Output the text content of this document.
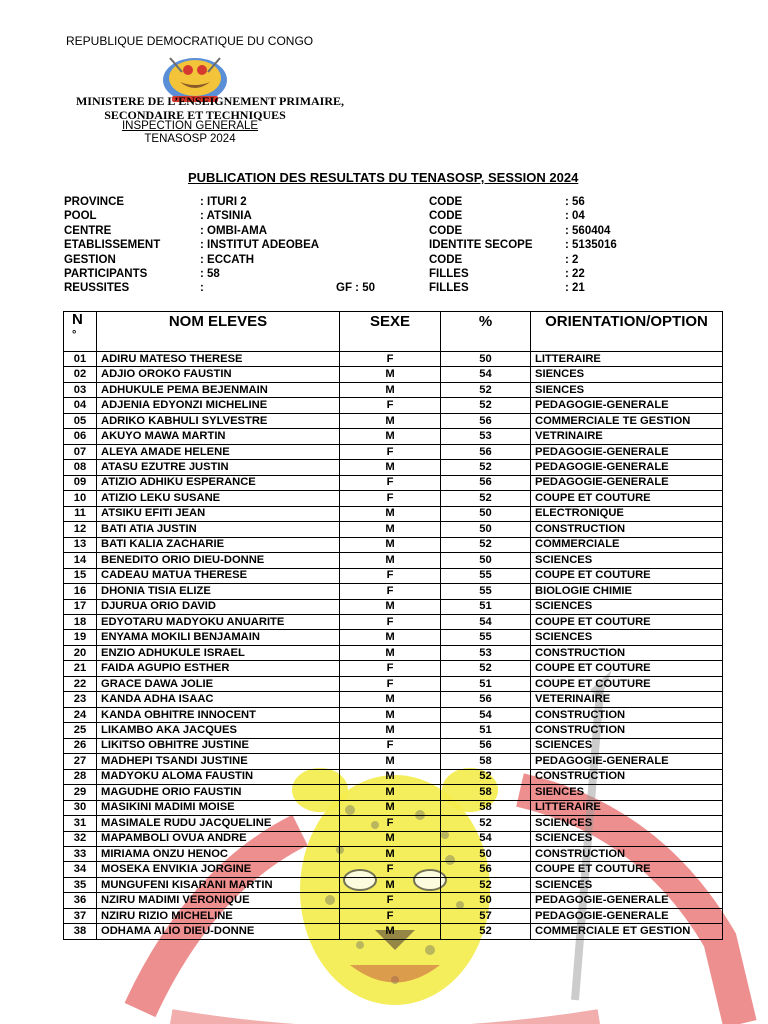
REPUBLIQUE DEMOCRATIQUE DU CONGO
MINISTERE DE L’ENSEIGNEMENT PRIMAIRE,
SECONDAIRE ET TECHNIQUES
INSPECTION GENERALE
TENASOSP 2024
PUBLICATION DES RESULTATS DU TENASOSP, SESSION 2024
PROVINCE	: ITURI 2	CODE	: 56
POOL	: ATSINIA	CODE	: 04
CENTRE	: OMBI-AMA	CODE	: 560404
ETABLISSEMENT	: INSTITUT ADEOBEA	IDENTITE SECOPE	: 5135016
GESTION	: ECCATH	CODE	: 2
PARTICIPANTS	: 58	FILLES	: 22
REUSSITES	:	GF : 50	FILLES	: 21
N
°	NOM ELEVES	SEXE	%	ORIENTATION/OPTION
01	ADIRU MATESO THERESE	F	50	LITTERAIRE
02	ADJIO OROKO FAUSTIN	M	54	SIENCES
03	ADHUKULE PEMA BEJENMAIN	M	52	SIENCES
04	ADJENIA EDYONZI MICHELINE	F	52	PEDAGOGIE-GENERALE
05	ADRIKO KABHULI SYLVESTRE	M	56	COMMERCIALE TE GESTION
06	AKUYO MAWA MARTIN	M	53	VETRINAIRE
07	ALEYA AMADE HELENE	F	56	PEDAGOGIE-GENERALE
08	ATASU EZUTRE JUSTIN	M	52	PEDAGOGIE-GENERALE
09	ATIZIO ADHIKU ESPERANCE	F	56	PEDAGOGIE-GENERALE
10	ATIZIO LEKU SUSANE	F	52	COUPE ET COUTURE
11	ATSIKU EFITI JEAN	M	50	ELECTRONIQUE
12	BATI ATIA JUSTIN	M	50	CONSTRUCTION
13	BATI KALIA ZACHARIE	M	52	COMMERCIALE
14	BENEDITO ORIO DIEU-DONNE	M	50	SCIENCES
15	CADEAU MATUA THERESE	F	55	COUPE ET COUTURE
16	DHONIA TISIA ELIZE	F	55	BIOLOGIE CHIMIE
17	DJURUA ORIO DAVID	M	51	SCIENCES
18	EDYOTARU MADYOKU ANUARITE	F	54	COUPE ET COUTURE
19	ENYAMA MOKILI BENJAMAIN	M	55	SCIENCES
20	ENZIO ADHUKULE ISRAEL	M	53	CONSTRUCTION
21	FAIDA AGUPIO ESTHER	F	52	COUPE ET COUTURE
22	GRACE DAWA JOLIE	F	51	COUPE ET COUTURE
23	KANDA ADHA ISAAC	M	56	VETERINAIRE
24	KANDA OBHITRE INNOCENT	M	54	CONSTRUCTION
25	LIKAMBO AKA JACQUES	M	51	CONSTRUCTION
26	LIKITSO OBHITRE JUSTINE	F	56	SCIENCES
27	MADHEPI TSANDI JUSTINE	M	58	PEDAGOGIE-GENERALE
28	MADYOKU ALOMA FAUSTIN	M	52	CONSTRUCTION
29	MAGUDHE ORIO FAUSTIN	M	58	SIENCES
30	MASIKINI MADIMI MOISE	M	58	LITTERAIRE
31	MASIMALE RUDU JACQUELINE	F	52	SCIENCES
32	MAPAMBOLI OVUA ANDRE	M	54	SCIENCES
33	MIRIAMA ONZU HENOC	M	50	CONSTRUCTION
34	MOSEKA ENVIKIA JORGINE	F	56	COUPE ET COUTURE
35	MUNGUFENI KISARANI MARTIN	M	52	SCIENCES
36	NZIRU MADIMI VERONIQUE	F	50	PEDAGOGIE-GENERALE
37	NZIRU RIZIO MICHELINE	F	57	PEDAGOGIE-GENERALE
38	ODHAMA ALIO DIEU-DONNE	M	52	COMMERCIALE ET GESTION
